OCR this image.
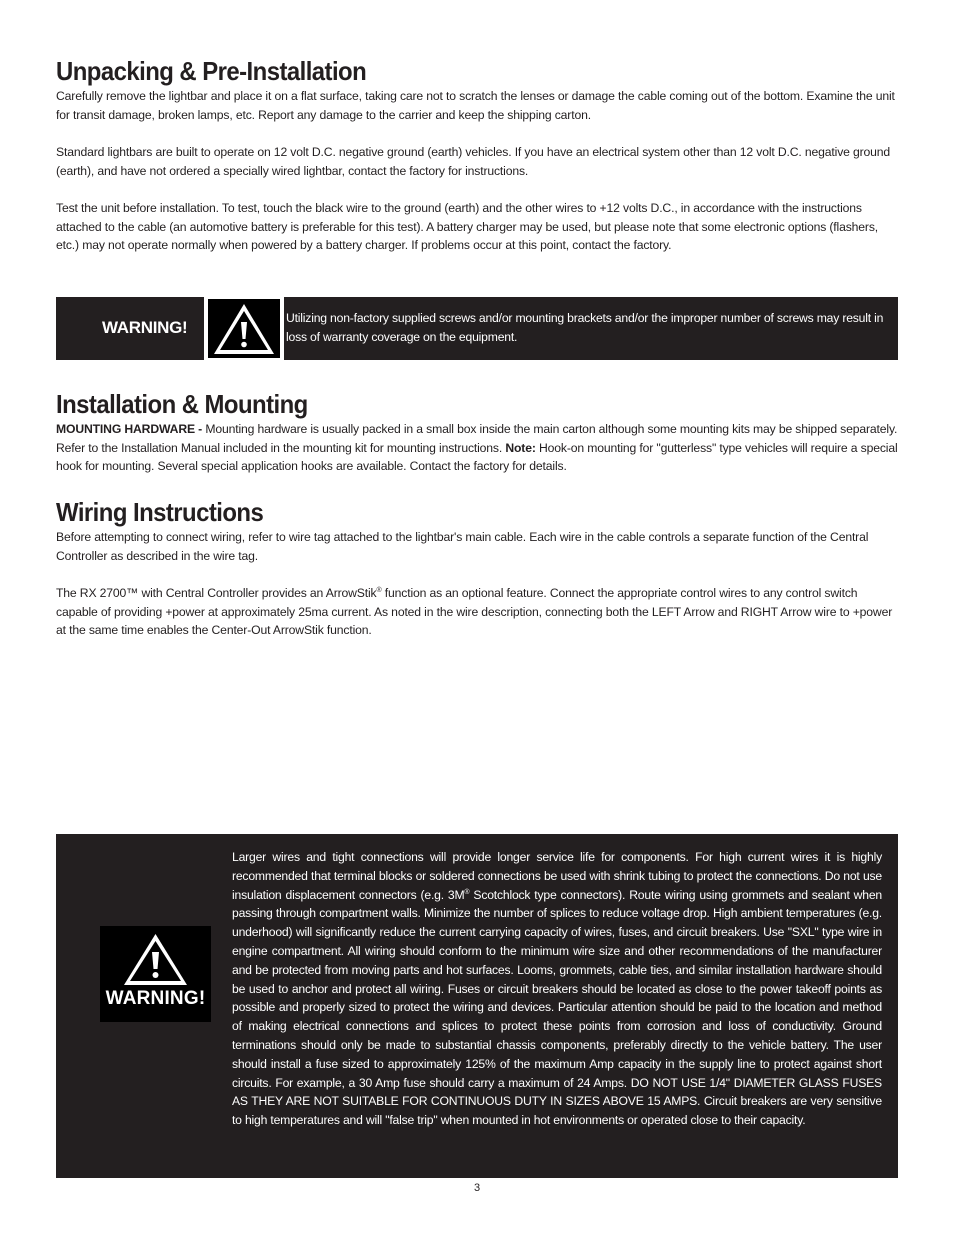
Unpacking & Pre-Installation

Carefully remove the lightbar and place it on a flat surface, taking care not to scratch the lenses or damage the cable coming out of the bottom. Examine the unit for transit damage, broken lamps, etc. Report any damage to the carrier and keep the shipping carton.

Standard lightbars are built to operate on 12 volt D.C. negative ground (earth) vehicles. If you have an electrical system other than 12 volt D.C. negative ground (earth), and have not ordered a specially wired lightbar, contact the factory for instructions.

Test the unit before installation. To test, touch the black wire to the ground (earth) and the other wires to +12 volts D.C., in accordance with the instructions attached to the cable (an automotive battery is preferable for this test). A battery charger may be used, but please note that some electronic options (flashers, etc.) may not operate normally when powered by a battery charger. If problems occur at this point, contact the factory.

WARNING!	Utilizing non-factory supplied screws and/or mounting brackets and/or the improper number of screws may result in loss of warranty coverage on the equipment.
Installation & Mounting

MOUNTING HARDWARE - Mounting hardware is usually packed in a small box inside the main carton although some mounting kits may be shipped separately. Refer to the Installation Manual included in the mounting kit for mounting instructions. Note: Hook-on mounting for "gutterless" type vehicles will require a special hook for mounting. Several special application hooks are available. Contact the factory for details.

Wiring Instructions

Before attempting to connect wiring, refer to wire tag attached to the lightbar's main cable. Each wire in the cable controls a separate function of the Central Controller as described in the wire tag.

The RX 2700™ with Central Controller provides an ArrowStik® function as an optional feature. Connect the appropriate control wires to any control switch capable of providing +power at approximately 25ma current. As noted in the wire description, connecting both the LEFT Arrow and RIGHT Arrow wire to +power at the same time enables the Center-Out ArrowStik function.

WARNING!

Larger wires and tight connections will provide longer service life for components. For high current wires it is highly recommended that terminal blocks or soldered connections be used with shrink tubing to protect the connections. Do not use insulation displacement connectors (e.g. 3M® Scotchlock type connectors). Route wiring using grommets and sealant when passing through compartment walls. Minimize the number of splices to reduce voltage drop. High ambient temperatures (e.g. underhood) will significantly reduce the current carrying capacity of wires, fuses, and circuit breakers. Use "SXL" type wire in engine compartment. All wiring should conform to the minimum wire size and other recommendations of the manufacturer and be protected from moving parts and hot surfaces. Looms, grommets, cable ties, and similar installation hardware should be used to anchor and protect all wiring. Fuses or circuit breakers should be located as close to the power takeoff points as possible and properly sized to protect the wiring and devices. Particular attention should be paid to the location and method of making electrical connections and splices to protect these points from corrosion and loss of conductivity. Ground terminations should only be made to substantial chassis components, preferably directly to the vehicle battery. The user should install a fuse sized to approximately 125% of the maximum Amp capacity in the supply line to protect against short circuits. For example, a 30 Amp fuse should carry a maximum of 24 Amps. DO NOT USE 1/4" DIAMETER GLASS FUSES AS THEY ARE NOT SUITABLE FOR CONTINUOUS DUTY IN SIZES ABOVE 15 AMPS. Circuit breakers are very sensitive to high temperatures and will "false trip" when mounted in hot environments or operated close to their capacity.

3
